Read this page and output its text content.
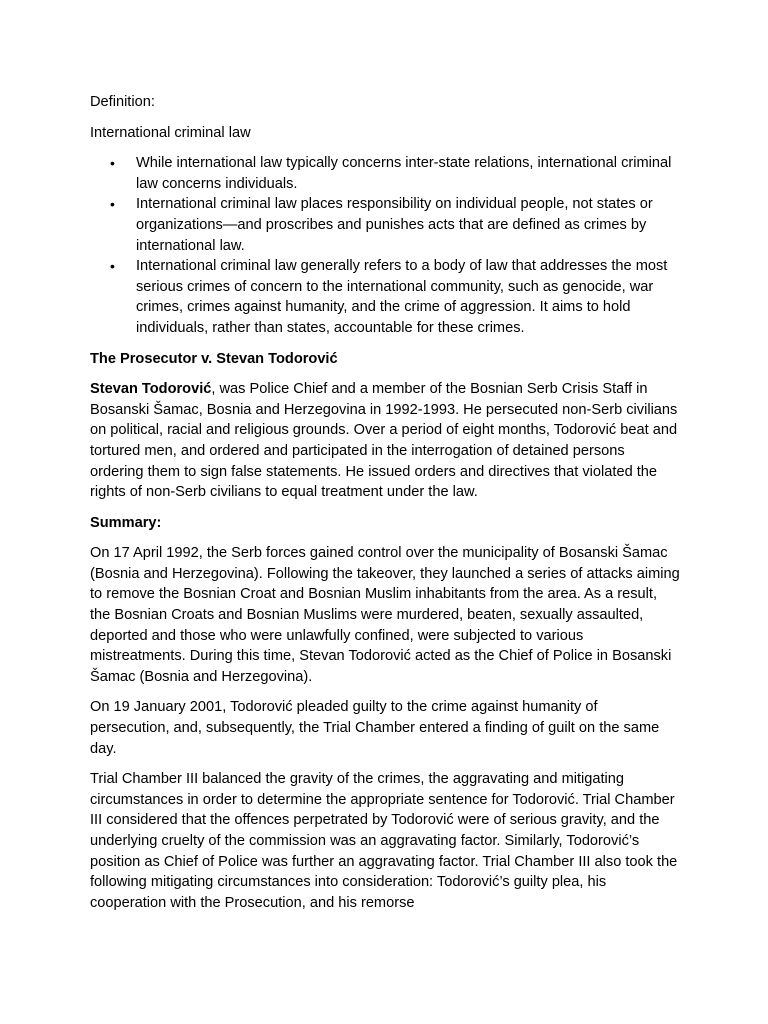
Definition:

International criminal law

• While international law typically concerns inter-state relations, international criminal law concerns individuals.
• International criminal law places responsibility on individual people, not states or organizations—and proscribes and punishes acts that are defined as crimes by international law.
• International criminal law generally refers to a body of law that addresses the most serious crimes of concern to the international community, such as genocide, war crimes, crimes against humanity, and the crime of aggression. It aims to hold individuals, rather than states, accountable for these crimes.

The Prosecutor v. Stevan Todorović

Stevan Todorović, was Police Chief and a member of the Bosnian Serb Crisis Staff in Bosanski Šamac, Bosnia and Herzegovina in 1992-1993. He persecuted non-Serb civilians on political, racial and religious grounds. Over a period of eight months, Todorović beat and tortured men, and ordered and participated in the interrogation of detained persons ordering them to sign false statements. He issued orders and directives that violated the rights of non-Serb civilians to equal treatment under the law.

Summary:

On 17 April 1992, the Serb forces gained control over the municipality of Bosanski Šamac (Bosnia and Herzegovina). Following the takeover, they launched a series of attacks aiming to remove the Bosnian Croat and Bosnian Muslim inhabitants from the area. As a result, the Bosnian Croats and Bosnian Muslims were murdered, beaten, sexually assaulted, deported and those who were unlawfully confined, were subjected to various mistreatments. During this time, Stevan Todorović acted as the Chief of Police in Bosanski Šamac (Bosnia and Herzegovina).

On 19 January 2001, Todorović pleaded guilty to the crime against humanity of persecution, and, subsequently, the Trial Chamber entered a finding of guilt on the same day.

Trial Chamber III balanced the gravity of the crimes, the aggravating and mitigating circumstances in order to determine the appropriate sentence for Todorović. Trial Chamber III considered that the offences perpetrated by Todorović were of serious gravity, and the underlying cruelty of the commission was an aggravating factor. Similarly, Todorović’s position as Chief of Police was further an aggravating factor. Trial Chamber III also took the following mitigating circumstances into consideration: Todorović’s guilty plea, his cooperation with the Prosecution, and his remorse
